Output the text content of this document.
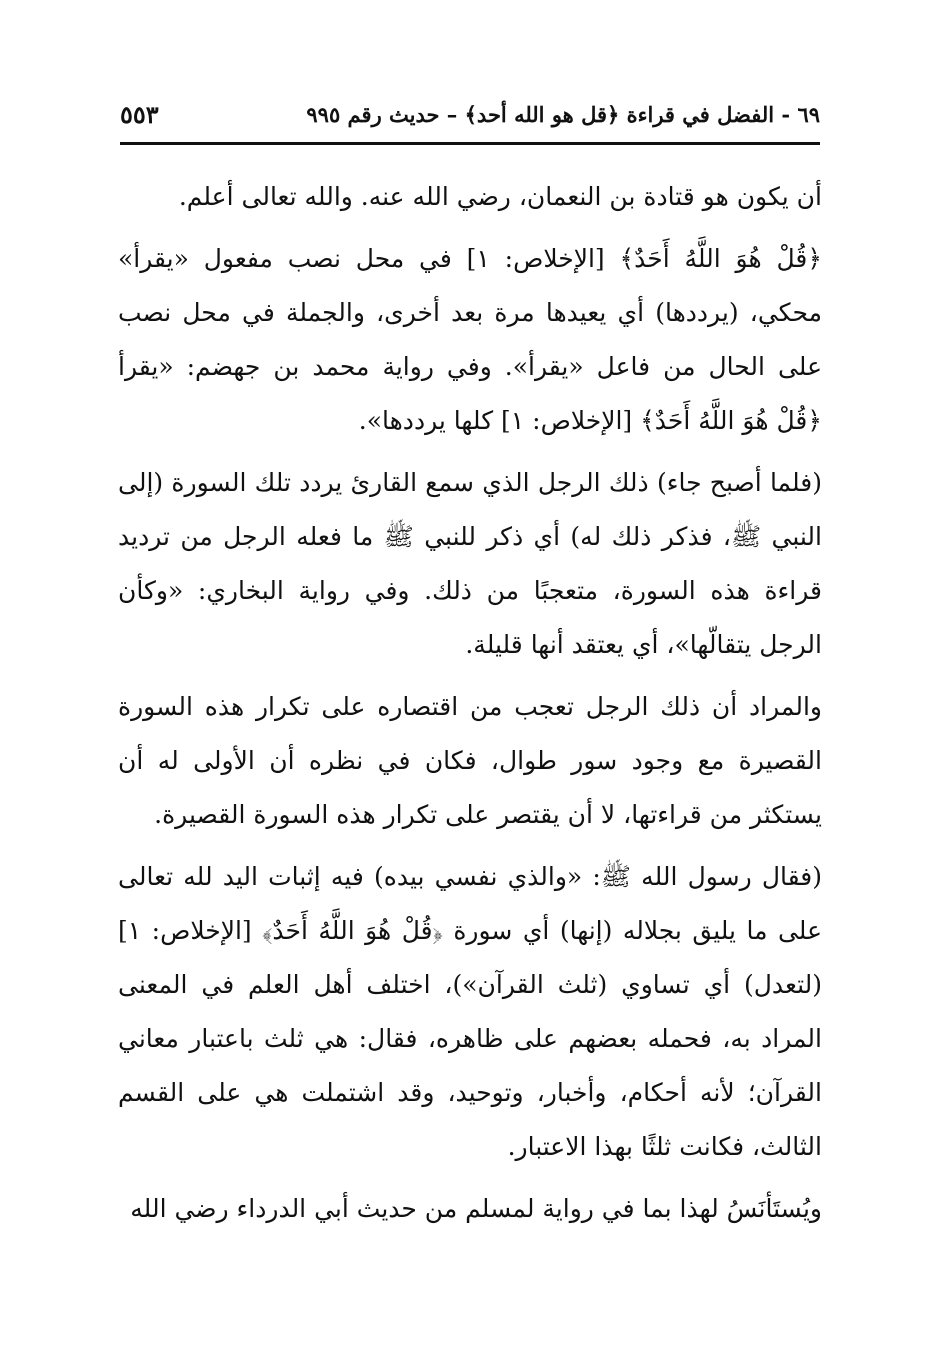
٦٩ - الفضل في قراءة ﴿قل هو الله أحد﴾ – حديث رقم ٩٩٥
٥٥٣

أن يكون هو قتادة بن النعمان، رضي الله عنه. والله تعالى أعلم.

﴿قُلْ هُوَ اللَّهُ أَحَدٌ﴾ [الإخلاص: ١] في محل نصب مفعول «يقرأ» محكي، (يرددها) أي يعيدها مرة بعد أخرى، والجملة في محل نصب على الحال من فاعل «يقرأ». وفي رواية محمد بن جهضم: «يقرأ ﴿قُلْ هُوَ اللَّهُ أَحَدٌ﴾ [الإخلاص: ١] كلها يرددها».

(فلما أصبح جاء) ذلك الرجل الذي سمع القارئ يردد تلك السورة (إلى النبي ﷺ، فذكر ذلك له) أي ذكر للنبي ﷺ ما فعله الرجل من ترديد قراءة هذه السورة، متعجبًا من ذلك. وفي رواية البخاري: «وكأن الرجل يتقالّها»، أي يعتقد أنها قليلة.

والمراد أن ذلك الرجل تعجب من اقتصاره على تكرار هذه السورة القصيرة مع وجود سور طوال، فكان في نظره أن الأولى له أن يستكثر من قراءتها، لا أن يقتصر على تكرار هذه السورة القصيرة.

(فقال رسول الله ﷺ: «والذي نفسي بيده) فيه إثبات اليد لله تعالى على ما يليق بجلاله (إنها) أي سورة ﴿قُلْ هُوَ اللَّهُ أَحَدٌ﴾ [الإخلاص: ١] (لتعدل) أي تساوي (ثلث القرآن»)، اختلف أهل العلم في المعنى المراد به، فحمله بعضهم على ظاهره، فقال: هي ثلث باعتبار معاني القرآن؛ لأنه أحكام، وأخبار، وتوحيد، وقد اشتملت هي على القسم الثالث، فكانت ثلثًا بهذا الاعتبار.

ويُستَأنَسُ لهذا بما في رواية لمسلم من حديث أبي الدرداء رضي الله
